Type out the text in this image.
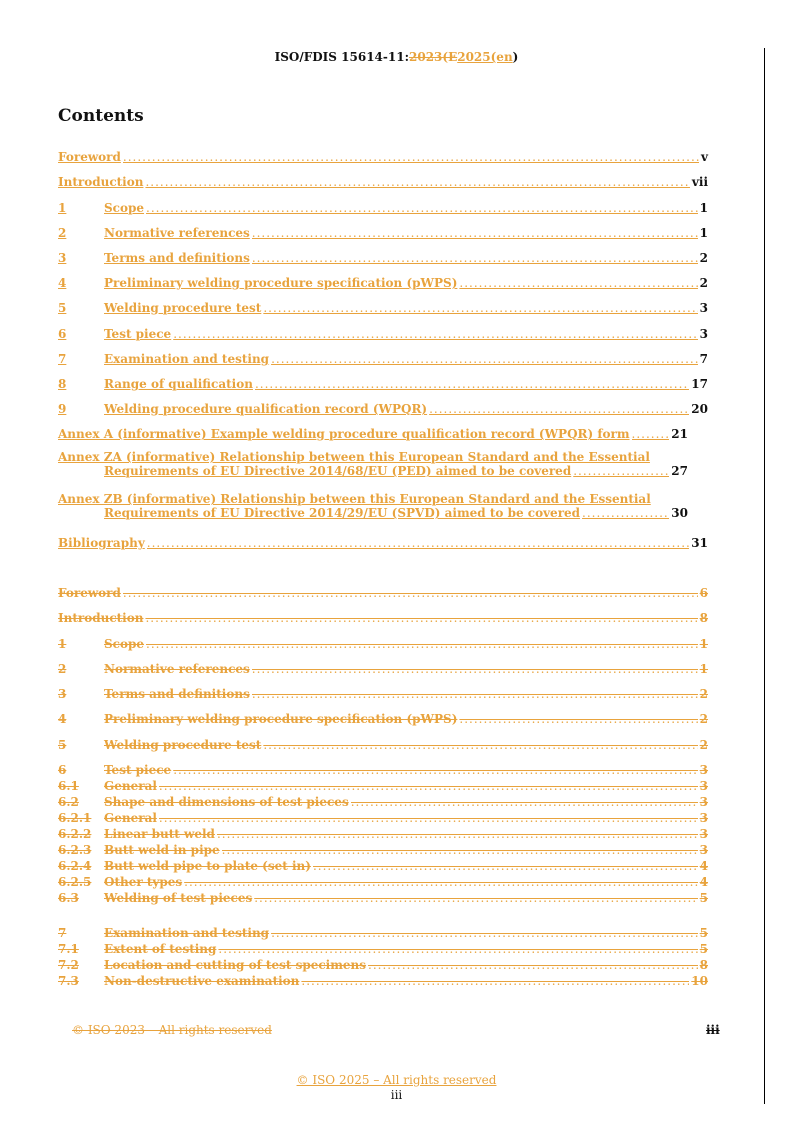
ISO/FDIS 15614-11:2023(E2025(en)
Contents
Foreword .....	v
Introduction .....	vii
1	Scope .....	1
2	Normative references .....	1
3	Terms and definitions .....	2
4	Preliminary welding procedure specification (pWPS) .....	2
5	Welding procedure test .....	3
6	Test piece .....	3
7	Examination and testing .....	7
8	Range of qualification .....	17
9	Welding procedure qualification record (WPQR) .....	20
Annex A (informative) Example welding procedure qualification record (WPQR) form .....	21
Annex ZA (informative) Relationship between this European Standard and the Essential
Requirements of EU Directive 2014/68/EU (PED) aimed to be covered .....	27
Annex ZB (informative) Relationship between this European Standard and the Essential
Requirements of EU Directive 2014/29/EU (SPVD) aimed to be covered .....	30
Bibliography .....	31
Foreword .....	6
Introduction .....	8
1	Scope .....	1
2	Normative references .....	1
3	Terms and definitions .....	2
4	Preliminary welding procedure specification (pWPS) .....	2
5	Welding procedure test .....	2
6	Test piece .....	3
6.1	General .....	3
6.2	Shape and dimensions of test pieces .....	3
6.2.1	General .....	3
6.2.2	Linear butt weld .....	3
6.2.3	Butt weld in pipe .....	3
6.2.4	Butt weld pipe to plate (set in) .....	4
6.2.5	Other types .....	4
6.3	Welding of test pieces .....	5
7	Examination and testing .....	5
7.1	Extent of testing .....	5
7.2	Location and cutting of test specimens .....	8
7.3	Non-destructive examination .....	10
© ISO 2023 – All rights reserved	iii
© ISO 2025 – All rights reserved
iii
